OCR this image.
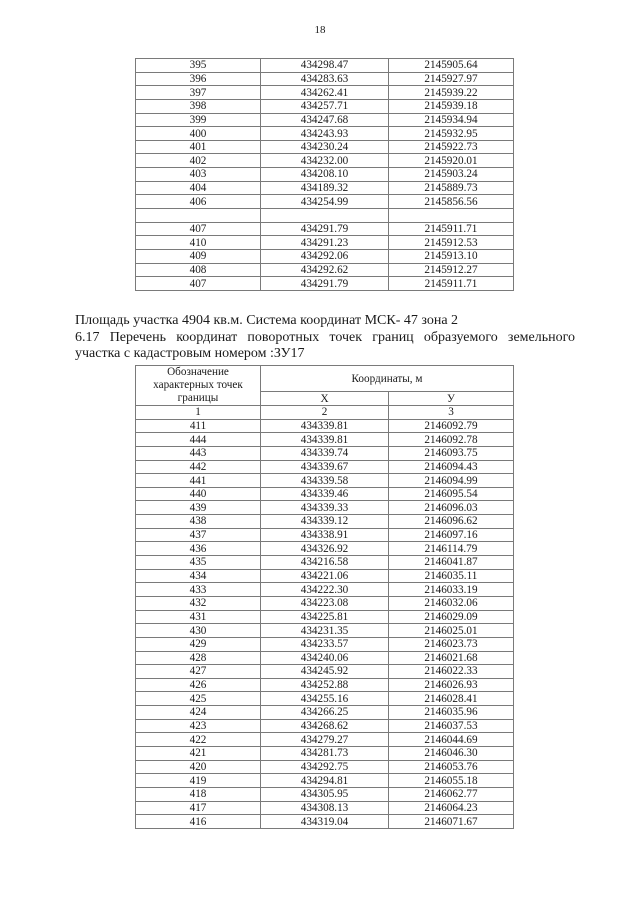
18
395	434298.47	2145905.64
396	434283.63	2145927.97
397	434262.41	2145939.22
398	434257.71	2145939.18
399	434247.68	2145934.94
400	434243.93	2145932.95
401	434230.24	2145922.73
402	434232.00	2145920.01
403	434208.10	2145903.24
404	434189.32	2145889.73
406	434254.99	2145856.56

407	434291.79	2145911.71
410	434291.23	2145912.53
409	434292.06	2145913.10
408	434292.62	2145912.27
407	434291.79	2145911.71
Площадь участка 4904 кв.м. Система координат МСК- 47 зона 2
6.17 Перечень координат поворотных точек границ образуемого земельного участка с кадастровым номером :ЗУ17
Обозначение характерных точек границы	Координаты, м	
	X	У
1	2	3
411	434339.81	2146092.79
444	434339.81	2146092.78
443	434339.74	2146093.75
442	434339.67	2146094.43
441	434339.58	2146094.99
440	434339.46	2146095.54
439	434339.33	2146096.03
438	434339.12	2146096.62
437	434338.91	2146097.16
436	434326.92	2146114.79
435	434216.58	2146041.87
434	434221.06	2146035.11
433	434222.30	2146033.19
432	434223.08	2146032.06
431	434225.81	2146029.09
430	434231.35	2146025.01
429	434233.57	2146023.73
428	434240.06	2146021.68
427	434245.92	2146022.33
426	434252.88	2146026.93
425	434255.16	2146028.41
424	434266.25	2146035.96
423	434268.62	2146037.53
422	434279.27	2146044.69
421	434281.73	2146046.30
420	434292.75	2146053.76
419	434294.81	2146055.18
418	434305.95	2146062.77
417	434308.13	2146064.23
416	434319.04	2146071.67
